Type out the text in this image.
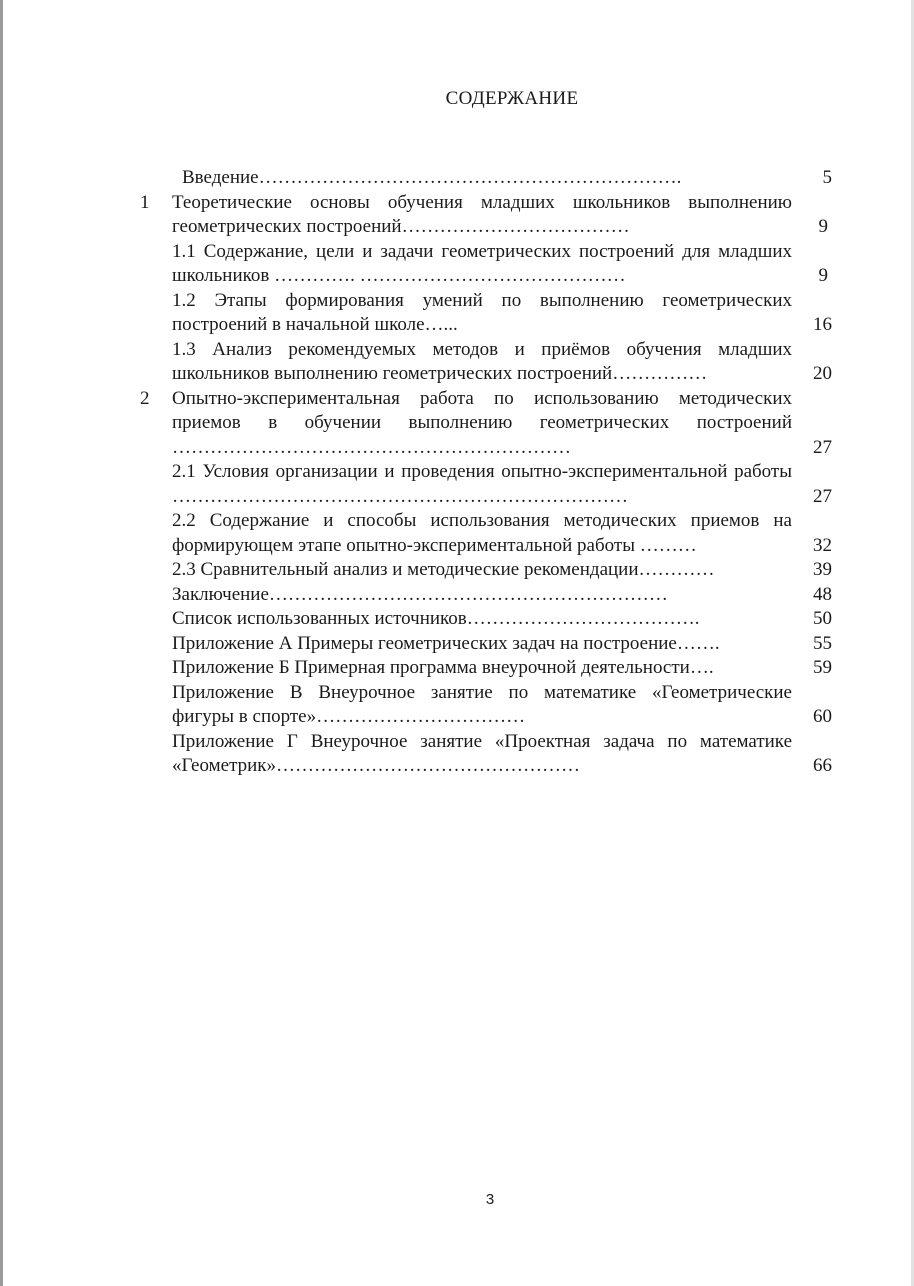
СОДЕРЖАНИЕ
Введение………………………………………………………….	5
1	Теоретические основы обучения младших школьников выполнению геометрических построений………………………………	9
1.1 Содержание, цели и задачи геометрических построений для младших школьников …………. ……………………………………	9
1.2 Этапы формирования умений по выполнению геометрических построений в начальной школе…...	16
1.3 Анализ рекомендуемых методов и приёмов обучения младших школьников выполнению геометрических построений……………	20
2	Опытно-экспериментальная работа по использованию методических приемов в обучении выполнению геометрических построений ………………………………………………………	27
2.1 Условия организации и проведения опытно-экспериментальной работы ………………………………………………………………	27
2.2 Содержание и способы использования методических приемов на формирующем этапе опытно-экспериментальной работы ………	32
2.3 Сравнительный анализ и методические рекомендации…………	39
Заключение………………………………………………………	48
Список использованных источников……………………………….	50
Приложение А Примеры геометрических задач на построение…….	55
Приложение Б Примерная программа внеурочной деятельности….	59
Приложение В Внеурочное занятие по математике «Геометрические фигуры в спорте»……………………………	60
Приложение Г Внеурочное занятие «Проектная задача по математике «Геометрик»…………………………………………	66
3
